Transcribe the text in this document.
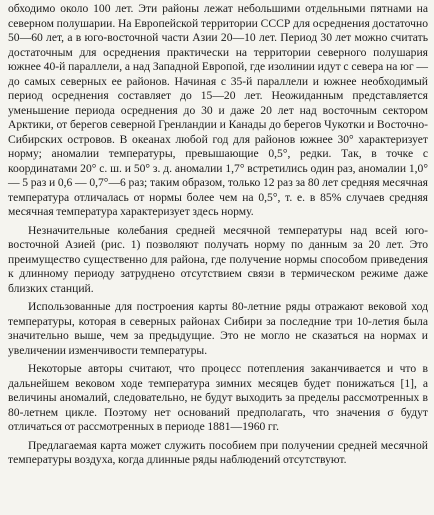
обходимо около 100 лет. Эти районы лежат небольшими отдельными пятнами на северном полушарии. На Европейской территории СССР для осреднения достаточно 50—60 лет, а в юго-восточной части Азии 20—10 лет. Период 30 лет можно считать достаточным для осреднения практически на территории северного полушария южнее 40-й параллели, а над Западной Европой, где изолинии идут с севера на юг — до самых северных ее районов. Начиная с 35-й параллели и южнее необходимый период осреднения составляет до 15—20 лет. Неожиданным представляется уменьшение периода осреднения до 30 и даже 20 лет над восточным сектором Арктики, от берегов северной Гренландии и Канады до берегов Чукотки и Восточно-Сибирских островов. В океанах любой год для районов южнее 30° характеризует норму; аномалии температуры, превышающие 0,5°, редки. Так, в точке с координатами 20° с. ш. и 50° з. д. аномалии 1,7° встретились один раз, аномалии 1,0° — 5 раз и 0,6 — 0,7°—6 раз; таким образом, только 12 раз за 80 лет средняя месячная температура отличалась от нормы более чем на 0,5°, т. е. в 85% случаев средняя месячная температура характеризует здесь норму.

Незначительные колебания средней месячной температуры над всей юго-восточной Азией (рис. 1) позволяют получать норму по данным за 20 лет. Это преимущество существенно для района, где получение нормы способом приведения к длинному периоду затруднено отсутствием связи в термическом режиме даже близких станций.

Использованные для построения карты 80-летние ряды отражают вековой ход температуры, которая в северных районах Сибири за последние три 10-летия была значительно выше, чем за предыдущие. Это не могло не сказаться на нормах и увеличении изменчивости температуры.

Некоторые авторы считают, что процесс потепления заканчивается и что в дальнейшем вековом ходе температура зимних месяцев будет понижаться [1], а величины аномалий, следовательно, не будут выходить за пределы рассмотренных в 80-летнем цикле. Поэтому нет оснований предполагать, что значения σ будут отличаться от рассмотренных в периоде 1881—1960 гг.

Предлагаемая карта может служить пособием при получении средней месячной температуры воздуха, когда длинные ряды наблюдений отсутствуют.
